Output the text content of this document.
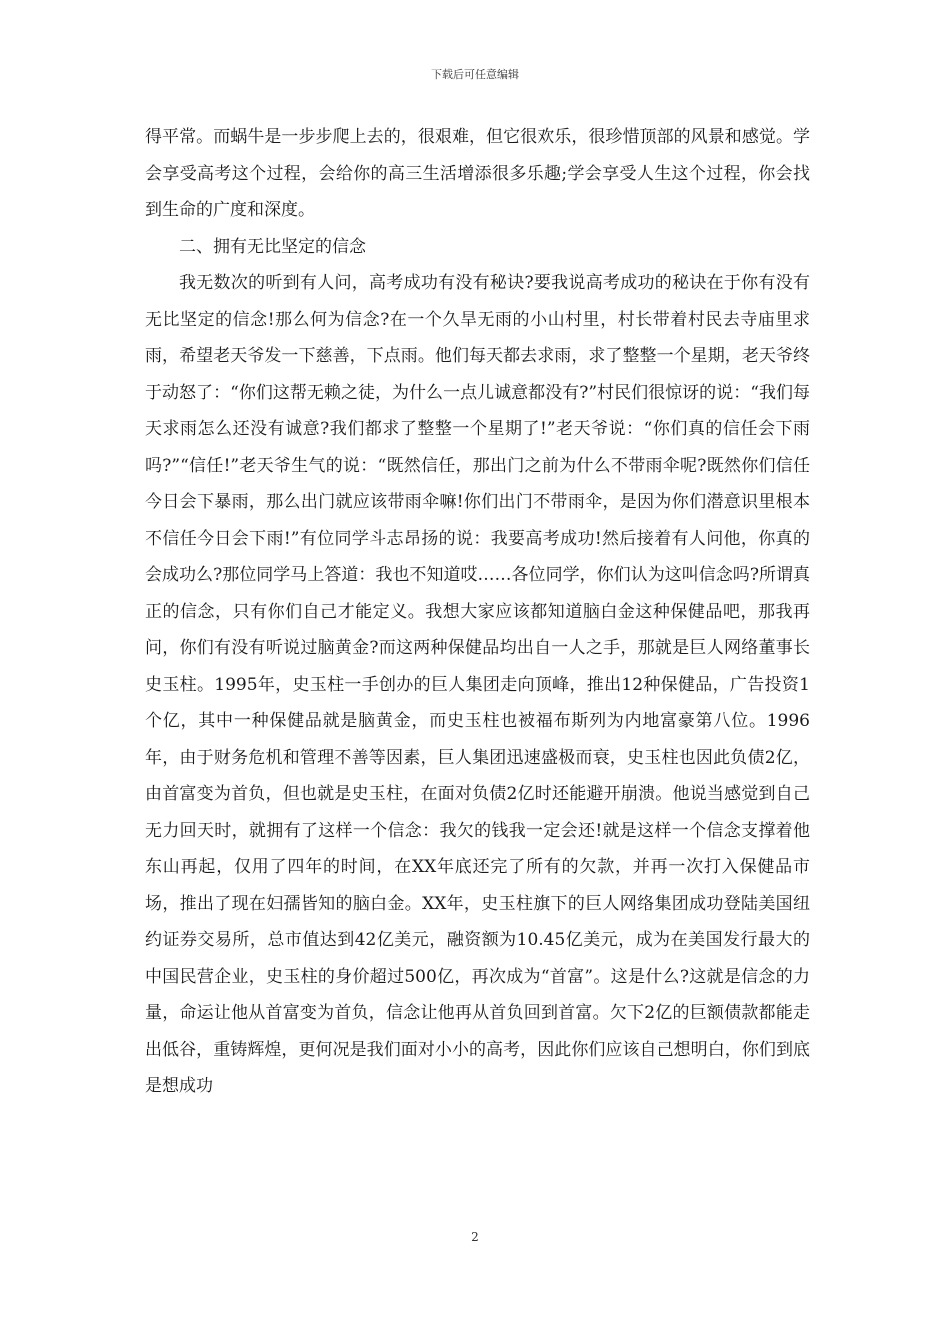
下载后可任意编辑

得平常。而蜗牛是一步步爬上去的，很艰难，但它很欢乐，很珍惜顶部的风景和感觉。学会享受高考这个过程，会给你的高三生活增添很多乐趣;学会享受人生这个过程，你会找到生命的广度和深度。

二、拥有无比坚定的信念

我无数次的听到有人问，高考成功有没有秘诀?要我说高考成功的秘诀在于你有没有无比坚定的信念!那么何为信念?在一个久旱无雨的小山村里，村长带着村民去寺庙里求雨，希望老天爷发一下慈善，下点雨。他们每天都去求雨，求了整整一个星期，老天爷终于动怒了：“你们这帮无赖之徒，为什么一点儿诚意都没有?”村民们很惊讶的说：“我们每天求雨怎么还没有诚意?我们都求了整整一个星期了!”老天爷说：“你们真的信任会下雨吗?”“信任!”老天爷生气的说：“既然信任，那出门之前为什么不带雨伞呢?既然你们信任今日会下暴雨，那么出门就应该带雨伞嘛!你们出门不带雨伞，是因为你们潜意识里根本不信任今日会下雨!”有位同学斗志昂扬的说：我要高考成功!然后接着有人问他，你真的会成功么?那位同学马上答道：我也不知道哎……各位同学，你们认为这叫信念吗?所谓真正的信念，只有你们自己才能定义。我想大家应该都知道脑白金这种保健品吧，那我再问，你们有没有听说过脑黄金?而这两种保健品均出自一人之手，那就是巨人网络董事长史玉柱。1995年，史玉柱一手创办的巨人集团走向顶峰，推出12种保健品，广告投资1个亿，其中一种保健品就是脑黄金，而史玉柱也被福布斯列为内地富豪第八位。1996年，由于财务危机和管理不善等因素，巨人集团迅速盛极而衰，史玉柱也因此负债2亿，由首富变为首负，但也就是史玉柱，在面对负债2亿时还能避开崩溃。他说当感觉到自己无力回天时，就拥有了这样一个信念：我欠的钱我一定会还!就是这样一个信念支撑着他东山再起，仅用了四年的时间，在XX年底还完了所有的欠款，并再一次打入保健品市场，推出了现在妇孺皆知的脑白金。XX年，史玉柱旗下的巨人网络集团成功登陆美国纽约证券交易所，总市值达到42亿美元，融资额为10.45亿美元，成为在美国发行最大的中国民营企业，史玉柱的身价超过500亿，再次成为“首富”。这是什么?这就是信念的力量，命运让他从首富变为首负，信念让他再从首负回到首富。欠下2亿的巨额债款都能走出低谷，重铸辉煌，更何况是我们面对小小的高考，因此你们应该自己想明白，你们到底是想成功

2
